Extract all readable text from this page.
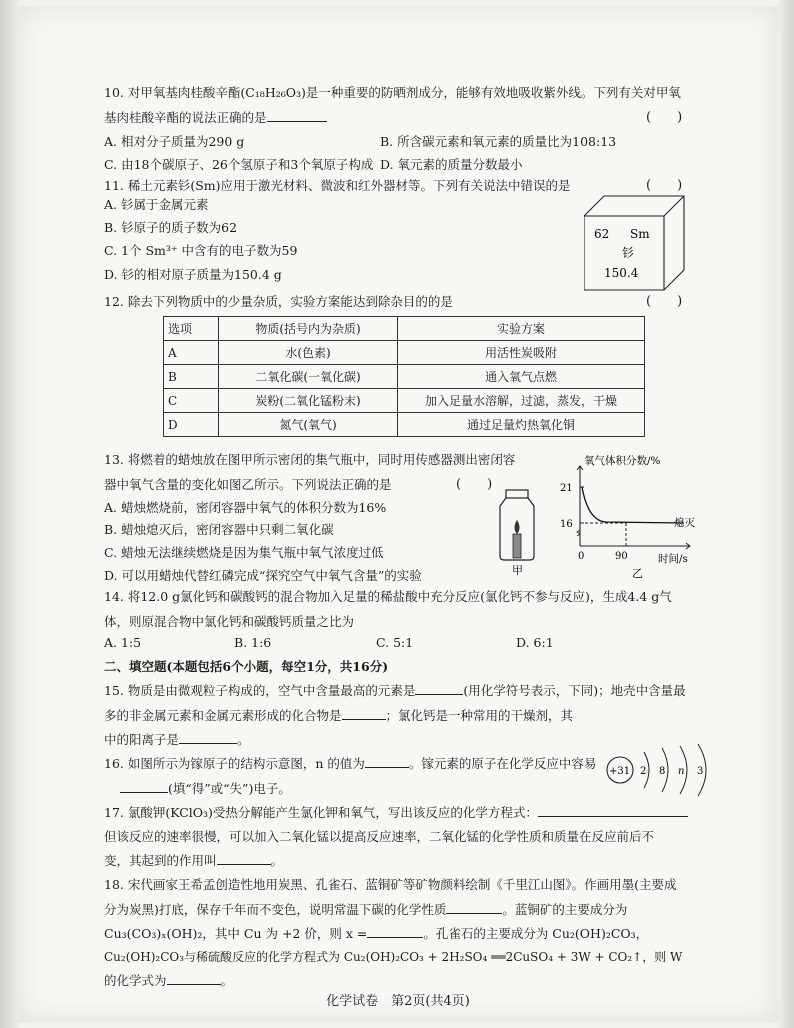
10. 对甲氧基肉桂酸辛酯(C₁₈H₂₆O₃)是一种重要的防晒剂成分，能够有效地吸收紫外线。下列有关对甲氧
基肉桂酸辛酯的说法正确的是	(　　)
A. 相对分子质量为290 g	B. 所含碳元素和氧元素的质量比为108:13
C. 由18个碳原子、26个氢原子和3个氧原子构成 D. 氧元素的质量分数最小
11. 稀土元素钐(Sm)应用于激光材料、微波和红外器材等。下列有关说法中错误的是	(　　)
A. 钐属于金属元素
B. 钐原子的质子数为62
C. 1个 Sm³⁺ 中含有的电子数为59
D. 钐的相对原子质量为150.4 g
62 Sm
钐
150.4
12. 除去下列物质中的少量杂质，实验方案能达到除杂目的的是	(　　)
选项	物质(括号内为杂质)	实验方案
A	水(色素)	用活性炭吸附
B	二氧化碳(一氧化碳)	通入氧气点燃
C	炭粉(二氧化锰粉末)	加入足量水溶解，过滤，蒸发，干燥
D	氮气(氧气)	通过足量灼热氧化铜
13. 将燃着的蜡烛放在图甲所示密闭的集气瓶中，同时用传感器测出密闭容
器中氧气含量的变化如图乙所示。下列说法正确的是	(　　)
A. 蜡烛燃烧前，密闭容器中氧气的体积分数为16%
B. 蜡烛熄灭后，密闭容器中只剩二氧化碳
C. 蜡烛无法继续燃烧是因为集气瓶中氧气浓度过低
D. 可以用蜡烛代替红磷完成“探究空气中氧气含量”的实验	甲
氧气体积分数/%
时间/s
熄灭
乙
21
16
0	90
14. 将12.0 g氯化钙和碳酸钙的混合物加入足量的稀盐酸中充分反应(氯化钙不参与反应)，生成4.4 g气
体，则原混合物中氯化钙和碳酸钙质量之比为
A. 1:5	B. 1:6	C. 5:1	D. 6:1
二、填空题(本题包括6个小题，每空1分，共16分)
15. 物质是由微观粒子构成的，空气中含量最高的元素是	(用化学符号表示，下同)；地壳中含量最
多的非金属元素和金属元素形成的化合物是	；氯化钙是一种常用的干燥剂，其
中的阳离子是	。
16. 如图所示为镓原子的结构示意图，n 的值为	。镓元素的原子在化学反应中容易
(填“得”或“失”)电子。
+31 2 8 n 3
17. 氯酸钾(KClO₃)受热分解能产生氯化钾和氧气，写出该反应的化学方程式：
但该反应的速率很慢，可以加入二氧化锰以提高反应速率，二氧化锰的化学性质和质量在反应前后不
变，其起到的作用叫	。
18. 宋代画家王希孟创造性地用炭黑、孔雀石、蓝铜矿等矿物颜料绘制《千里江山图》。作画用墨(主要成
分为炭黑)打底，保存千年而不变色，说明常温下碳的化学性质	。蓝铜矿的主要成分为
Cu₃(CO₃)ₓ(OH)₂，其中 Cu 为 +2 价，则 x =	。孔雀石的主要成分为 Cu₂(OH)₂CO₃，
Cu₂(OH)₂CO₃与稀硫酸反应的化学方程式为 Cu₂(OH)₂CO₃ + 2H₂SO₄ ══2CuSO₄ + 3W + CO₂↑，则 W
的化学式为	。
化学试卷　第2页(共4页)
